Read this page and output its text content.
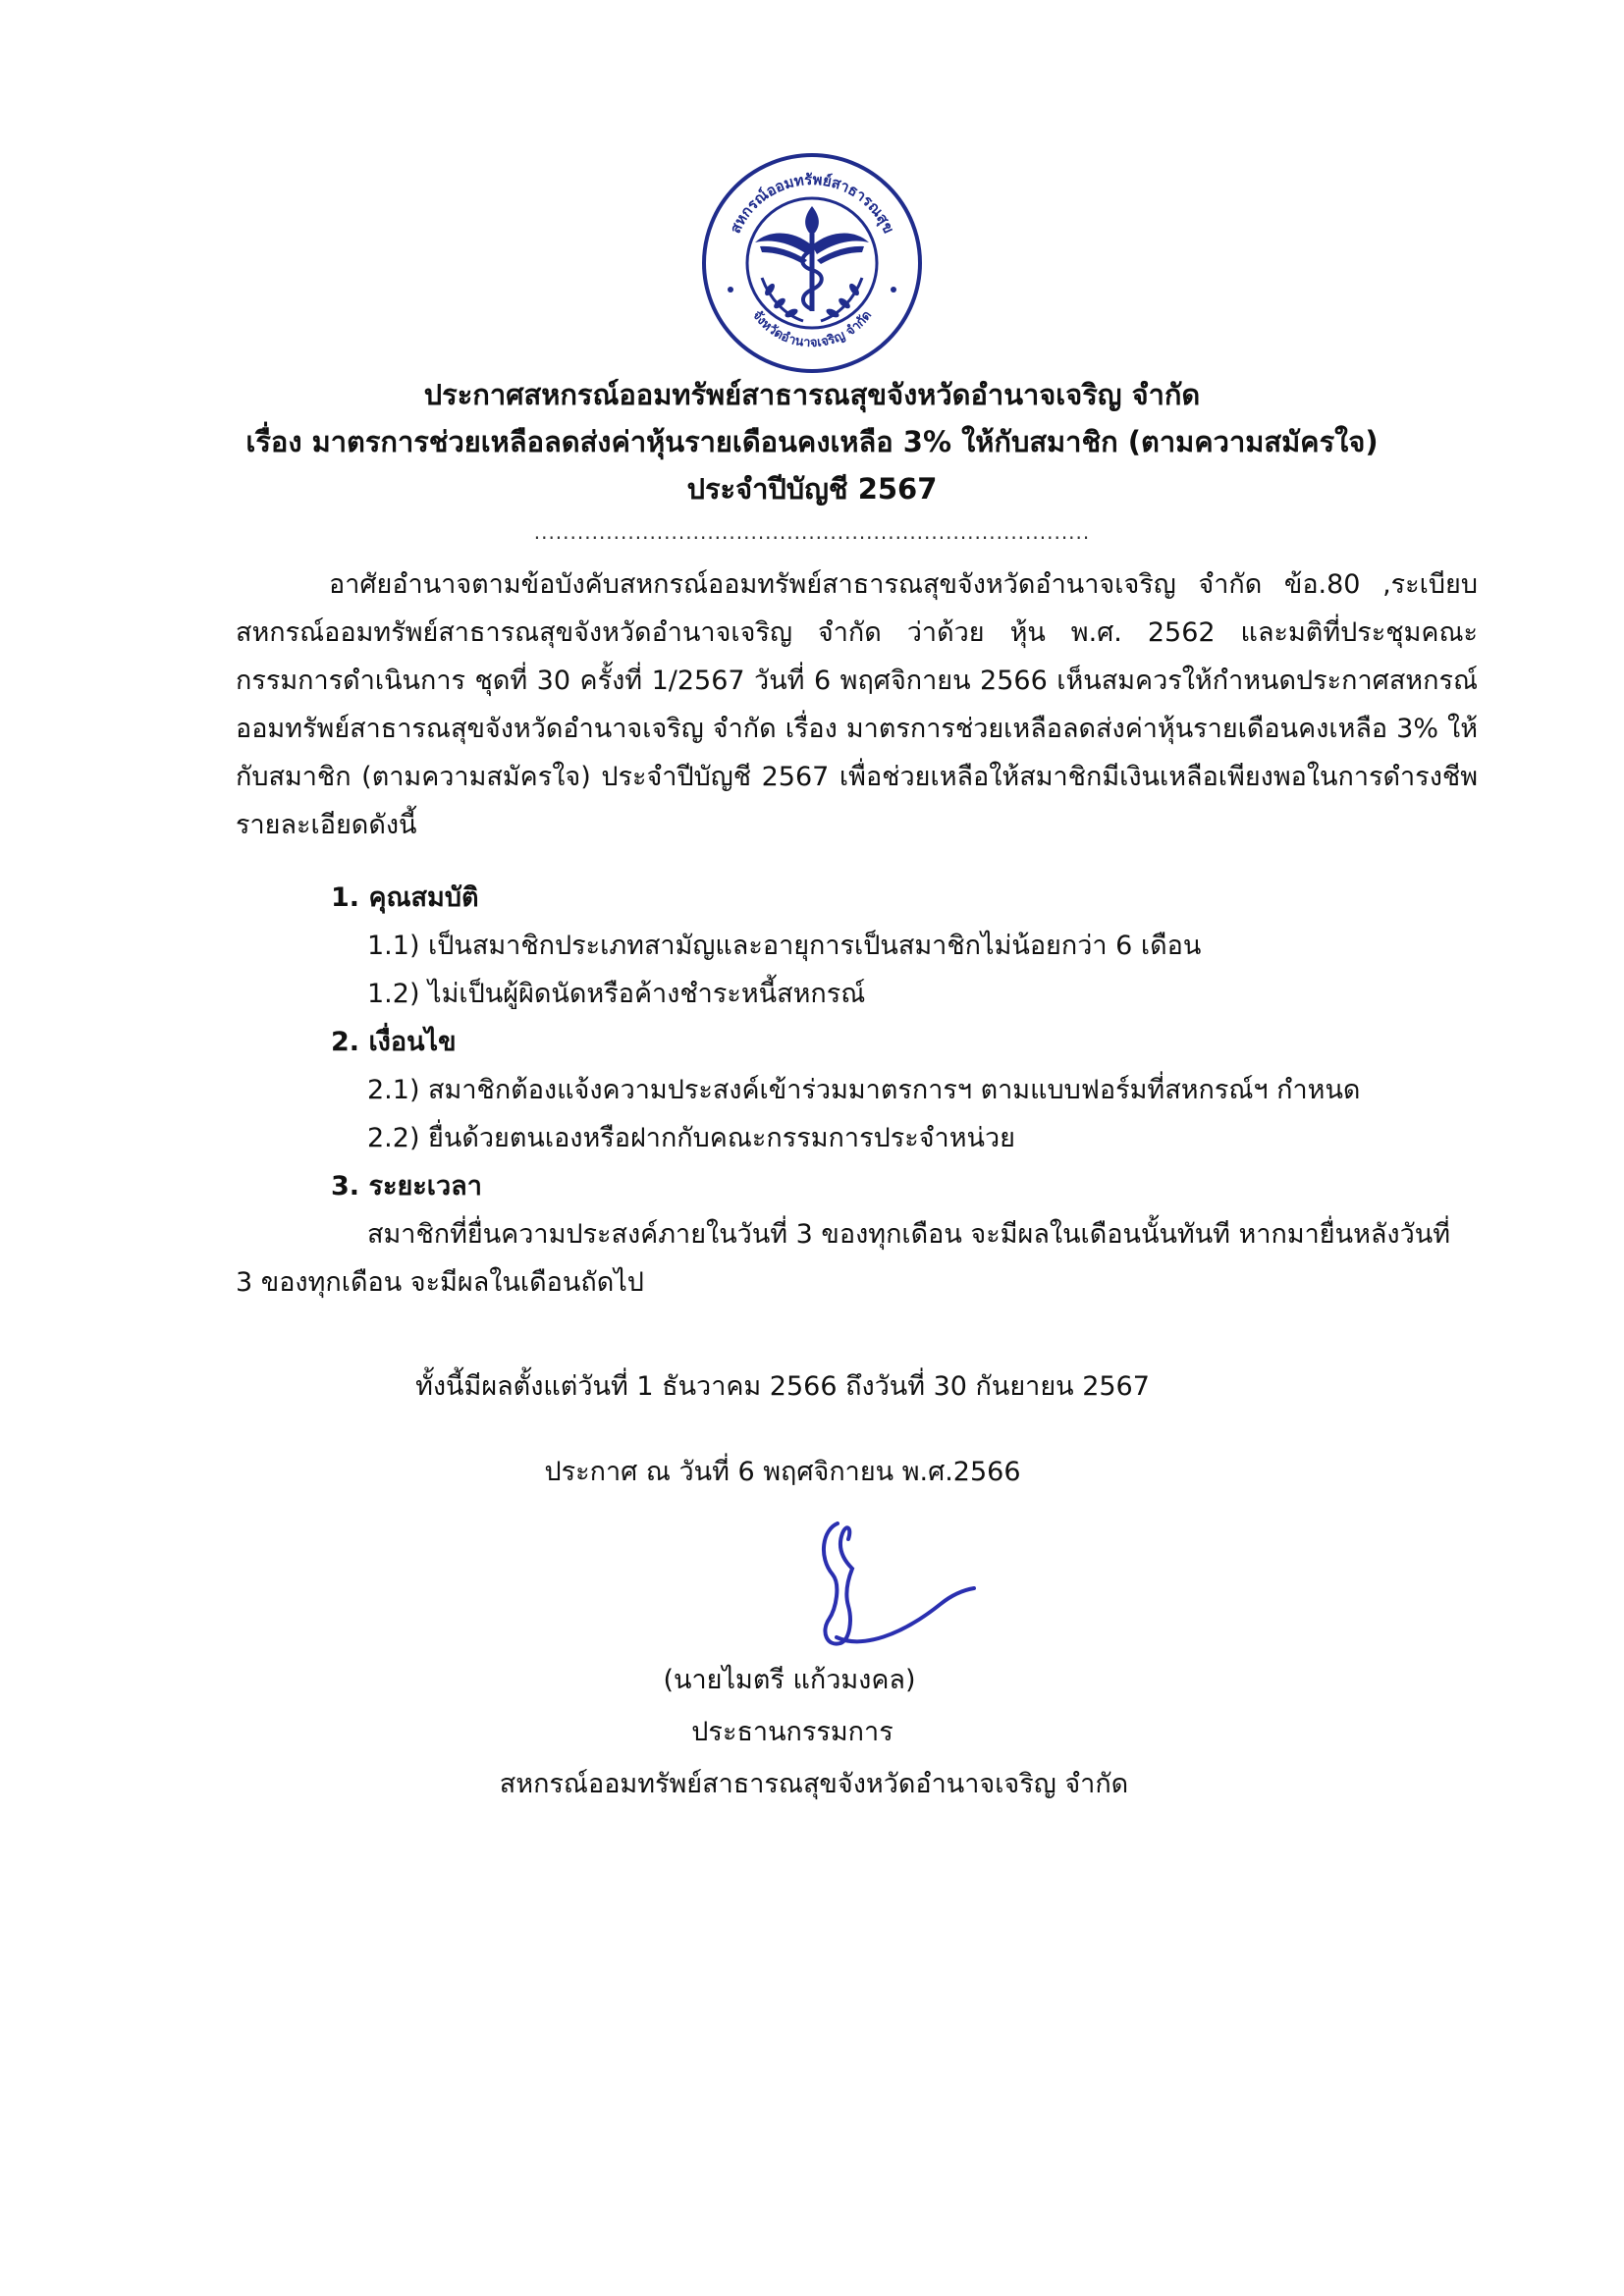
สหกรณ์ออมทรัพย์สาธารณสุข
จังหวัดอำนาจเจริญ จำกัด
ประกาศสหกรณ์ออมทรัพย์สาธารณสุขจังหวัดอำนาจเจริญ จำกัด
เรื่อง มาตรการช่วยเหลือลดส่งค่าหุ้นรายเดือนคงเหลือ 3% ให้กับสมาชิก (ตามความสมัครใจ)
ประจำปีบัญชี 2567
.............................................................................
อาศัยอำนาจตามข้อบังคับสหกรณ์ออมทรัพย์สาธารณสุขจังหวัดอำนาจเจริญ จำกัด ข้อ.80 ,ระเบียบสหกรณ์ออมทรัพย์สาธารณสุขจังหวัดอำนาจเจริญ จำกัด ว่าด้วย หุ้น พ.ศ. 2562 และมติที่ประชุมคณะกรรมการดำเนินการ ชุดที่ 30 ครั้งที่ 1/2567 วันที่ 6 พฤศจิกายน 2566 เห็นสมควรให้กำหนดประกาศสหกรณ์ออมทรัพย์สาธารณสุขจังหวัดอำนาจเจริญ จำกัด เรื่อง มาตรการช่วยเหลือลดส่งค่าหุ้นรายเดือนคงเหลือ 3% ให้กับสมาชิก (ตามความสมัครใจ) ประจำปีบัญชี 2567 เพื่อช่วยเหลือให้สมาชิกมีเงินเหลือเพียงพอในการดำรงชีพ รายละเอียดดังนี้
1. คุณสมบัติ
1.1) เป็นสมาชิกประเภทสามัญและอายุการเป็นสมาชิกไม่น้อยกว่า 6 เดือน
1.2) ไม่เป็นผู้ผิดนัดหรือค้างชำระหนี้สหกรณ์
2. เงื่อนไข
2.1) สมาชิกต้องแจ้งความประสงค์เข้าร่วมมาตรการฯ ตามแบบฟอร์มที่สหกรณ์ฯ กำหนด
2.2) ยื่นด้วยตนเองหรือฝากกับคณะกรรมการประจำหน่วย
3. ระยะเวลา
สมาชิกที่ยื่นความประสงค์ภายในวันที่ 3 ของทุกเดือน จะมีผลในเดือนนั้นทันที หากมายื่นหลังวันที่
3 ของทุกเดือน จะมีผลในเดือนถัดไป
ทั้งนี้มีผลตั้งแต่วันที่ 1 ธันวาคม 2566 ถึงวันที่ 30 กันยายน 2567
ประกาศ ณ วันที่ 6 พฤศจิกายน พ.ศ.2566
(นายไมตรี แก้วมงคล)
ประธานกรรมการ
สหกรณ์ออมทรัพย์สาธารณสุขจังหวัดอำนาจเจริญ จำกัด
